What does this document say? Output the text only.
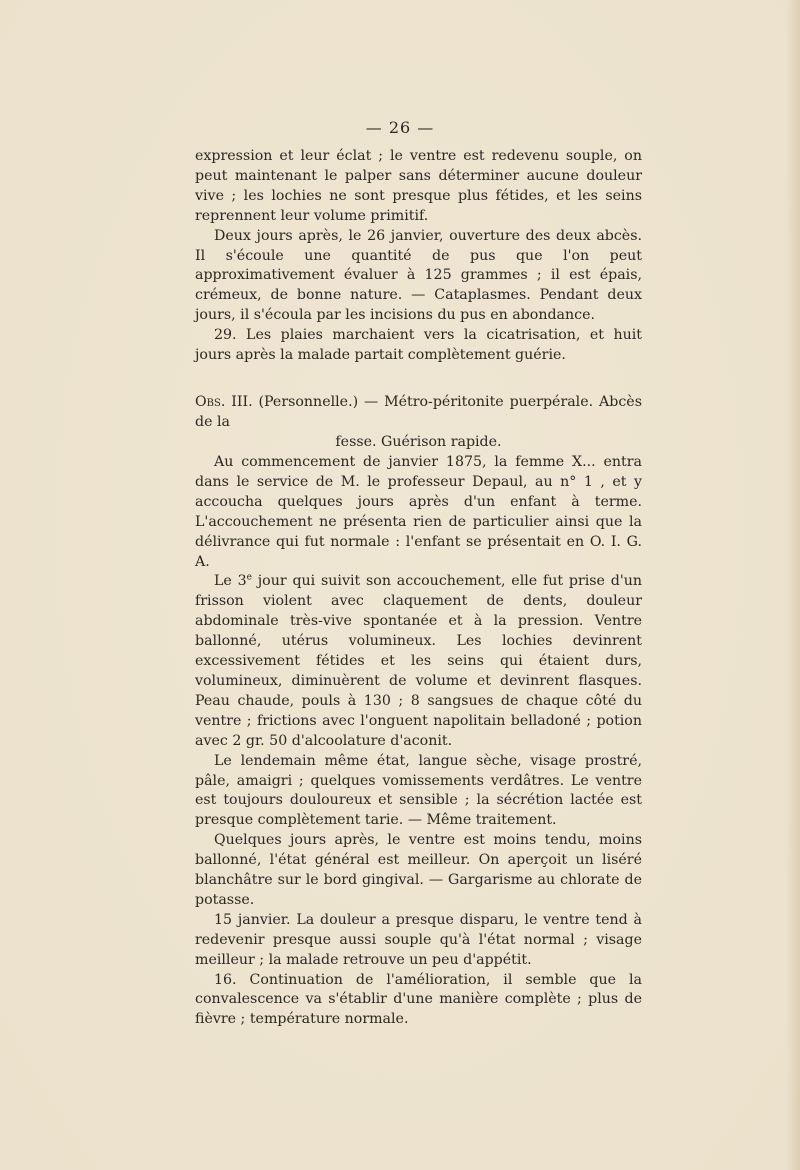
— 26 —

expression et leur éclat ; le ventre est redevenu souple, on peut maintenant le palper sans déterminer aucune douleur vive ; les lochies ne sont presque plus fétides, et les seins reprennent leur volume primitif.

Deux jours après, le 26 janvier, ouverture des deux abcès. Il s'écoule une quantité de pus que l'on peut approximativement évaluer à 125 grammes ; il est épais, crémeux, de bonne nature. — Cataplasmes. Pendant deux jours, il s'écoula par les incisions du pus en abondance.

29. Les plaies marchaient vers la cicatrisation, et huit jours après la malade partait complètement guérie.

Obs. III. (Personnelle.) — Métro-péritonite puerpérale. Abcès de la
fesse. Guérison rapide.

Au commencement de janvier 1875, la femme X... entra dans le service de M. le professeur Depaul, au n° 1 , et y accoucha quelques jours après d'un enfant à terme. L'accouchement ne présenta rien de particulier ainsi que la délivrance qui fut normale : l'enfant se présentait en O. I. G. A.

Le 3e jour qui suivit son accouchement, elle fut prise d'un frisson violent avec claquement de dents, douleur abdominale très-vive spontanée et à la pression. Ventre ballonné, utérus volumineux. Les lochies devinrent excessivement fétides et les seins qui étaient durs, volumineux, diminuèrent de volume et devinrent flasques. Peau chaude, pouls à 130 ; 8 sangsues de chaque côté du ventre ; frictions avec l'onguent napolitain belladoné ; potion avec 2 gr. 50 d'alcoolature d'aconit.

Le lendemain même état, langue sèche, visage prostré, pâle, amaigri ; quelques vomissements verdâtres. Le ventre est toujours douloureux et sensible ; la sécrétion lactée est presque complètement tarie. — Même traitement.

Quelques jours après, le ventre est moins tendu, moins ballonné, l'état général est meilleur. On aperçoit un liséré blanchâtre sur le bord gingival. — Gargarisme au chlorate de potasse.

15 janvier. La douleur a presque disparu, le ventre tend à redevenir presque aussi souple qu'à l'état normal ; visage meilleur ; la malade retrouve un peu d'appétit.

16. Continuation de l'amélioration, il semble que la convalescence va s'établir d'une manière complète ; plus de fièvre ; température normale.
